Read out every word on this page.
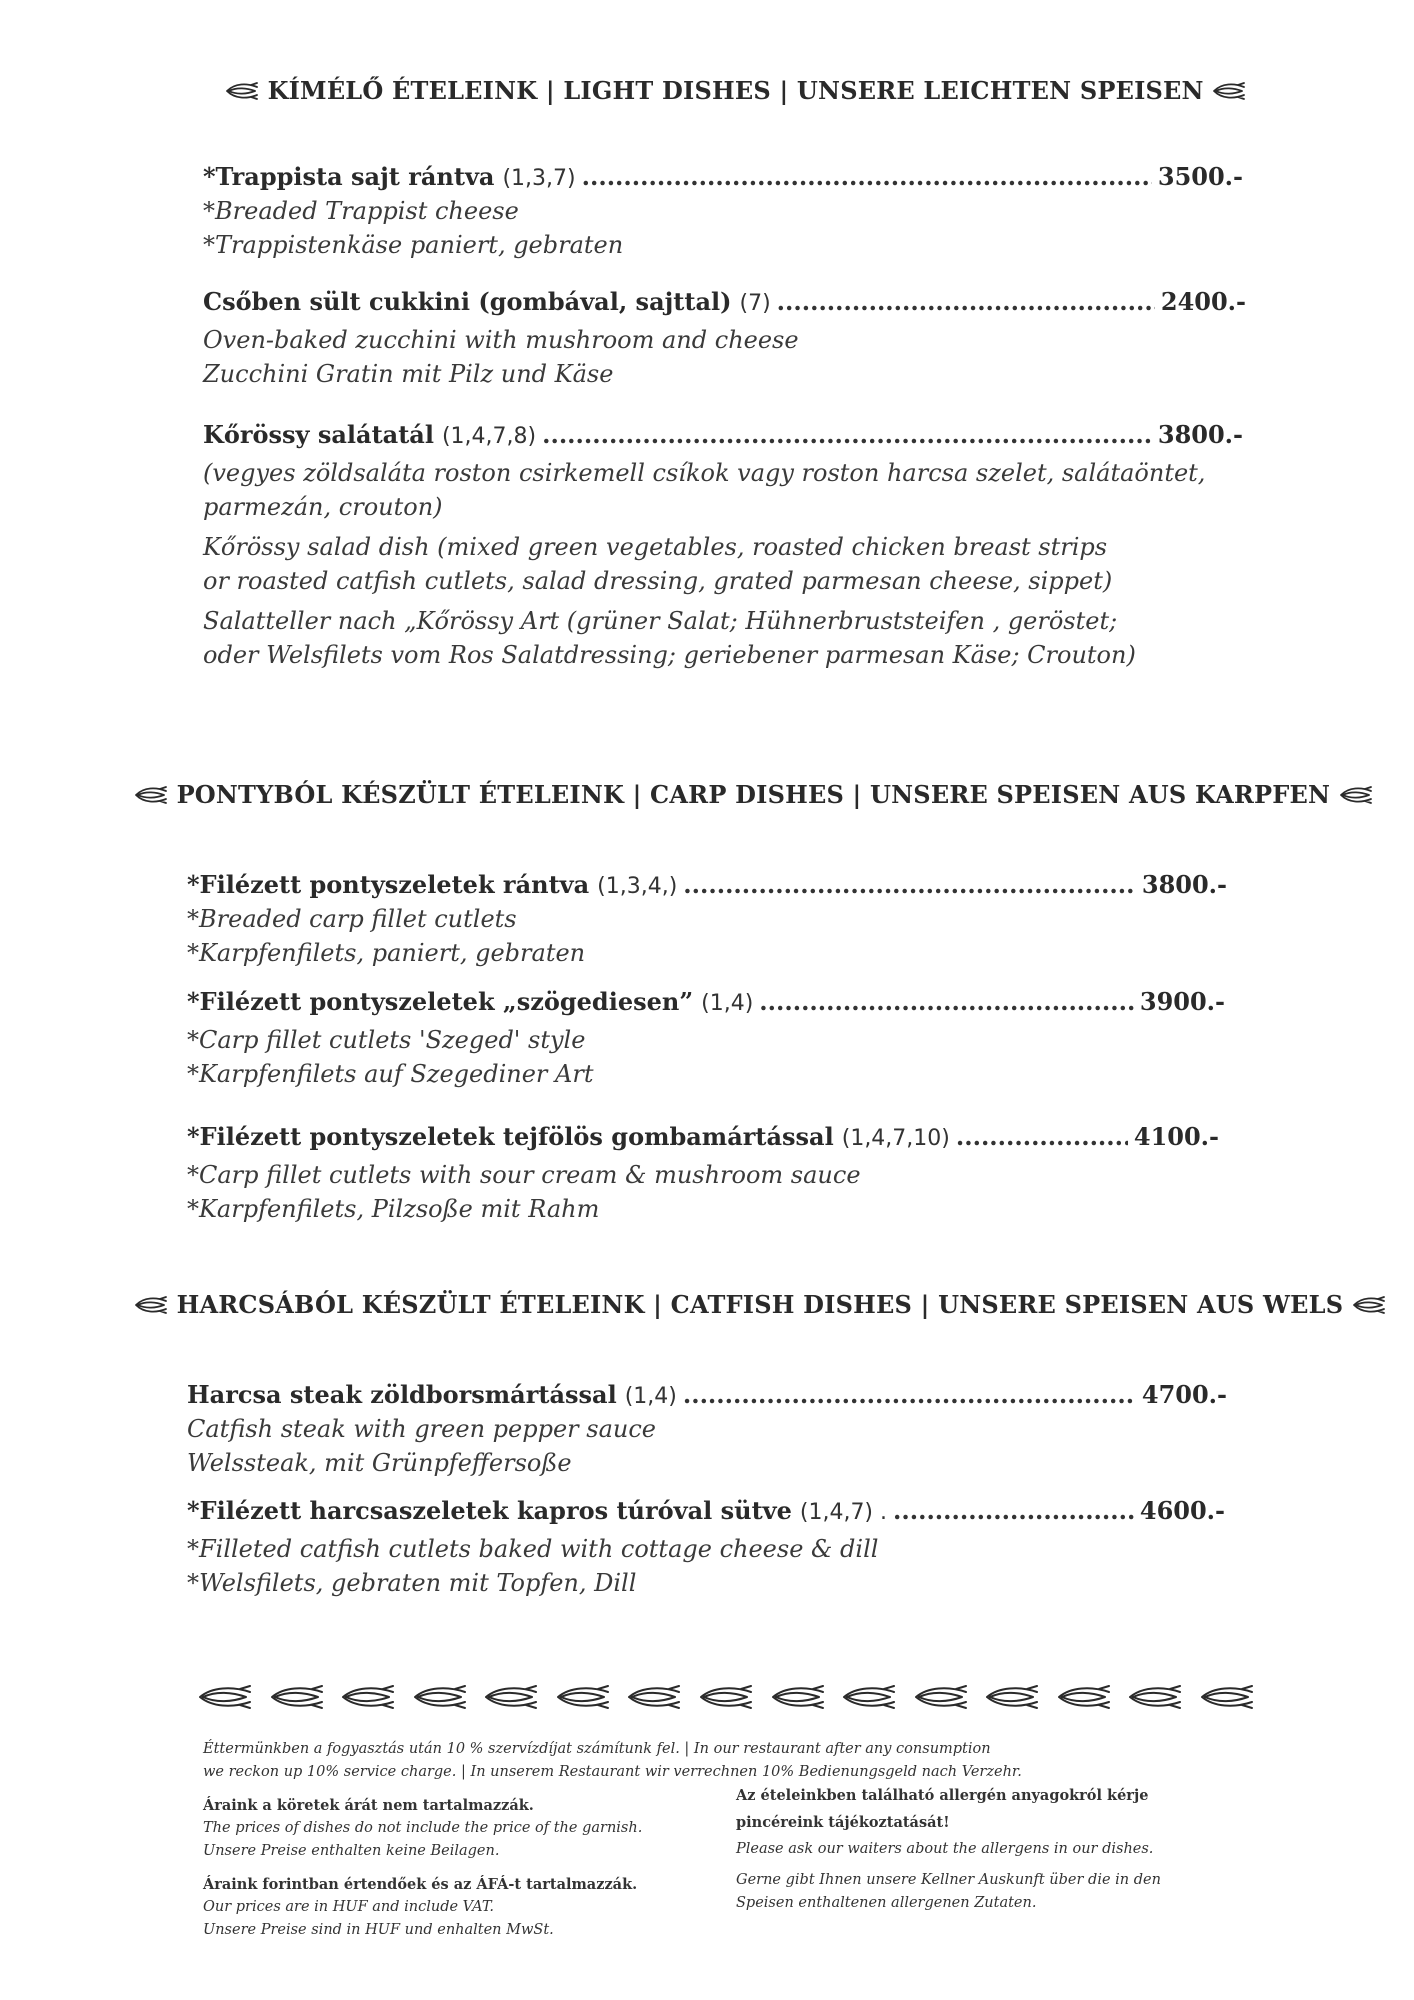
KÍMÉLŐ ÉTELEINK | LIGHT DISHES | UNSERE LEICHTEN SPEISEN
*Trappista sajt rántva (1,3,7) .....	3500.-
*Breaded Trappist cheese
*Trappistenkäse paniert, gebraten
Csőben sült cukkini (gombával, sajttal) (7) .....	2400.-
Oven-baked zucchini with mushroom and cheese
Zucchini Gratin mit Pilz und Käse
Kőrössy salátatál (1,4,7,8) .....	3800.-
(vegyes zöldsaláta roston csirkemell csíkok vagy roston harcsa szelet, salátaöntet,
parmezán, crouton)
Kőrössy salad dish (mixed green vegetables, roasted chicken breast strips
or roasted catfish cutlets, salad dressing, grated parmesan cheese, sippet)
Salatteller nach „Kőrössy Art (grüner Salat; Hühnerbruststeifen , geröstet;
oder Welsfilets vom Ros Salatdressing; geriebener parmesan Käse; Crouton)
PONTYBÓL KÉSZÜLT ÉTELEINK | CARP DISHES | UNSERE SPEISEN AUS KARPFEN
*Filézett pontyszeletek rántva (1,3,4,) .....	3800.-
*Breaded carp fillet cutlets
*Karpfenfilets, paniert, gebraten
*Filézett pontyszeletek „szögediesen” (1,4) .....	3900.-
*Carp fillet cutlets 'Szeged' style
*Karpfenfilets auf Szegediner Art
*Filézett pontyszeletek tejfölös gombamártással (1,4,7,10) .....	4100.-
*Carp fillet cutlets with sour cream & mushroom sauce
*Karpfenfilets, Pilzsoße mit Rahm
HARCSÁBÓL KÉSZÜLT ÉTELEINK | CATFISH DISHES | UNSERE SPEISEN AUS WELS
Harcsa steak zöldborsmártással (1,4) .....	4700.-
Catfish steak with green pepper sauce
Welssteak, mit Grünpfeffersoße
*Filézett harcsaszeletek kapros túróval sütve (1,4,7) . .....	4600.-
*Filleted catfish cutlets baked with cottage cheese & dill
*Welsfilets, gebraten mit Topfen, Dill
Éttermünkben a fogyasztás után 10 % szervízdíjat számítunk fel. | In our restaurant after any consumption
we reckon up 10% service charge. | In unserem Restaurant wir verrechnen 10% Bedienungsgeld nach Verzehr.
Áraink a köretek árát nem tartalmazzák.
The prices of dishes do not include the price of the garnish.
Unsere Preise enthalten keine Beilagen.
Áraink forintban értendőek és az ÁFÁ-t tartalmazzák.
Our prices are in HUF and include VAT.
Unsere Preise sind in HUF und enhalten MwSt.
Az ételeinkben található allergén anyagokról kérje
pincéreink tájékoztatását!
Please ask our waiters about the allergens in our dishes.
Gerne gibt Ihnen unsere Kellner Auskunft über die in den
Speisen enthaltenen allergenen Zutaten.
